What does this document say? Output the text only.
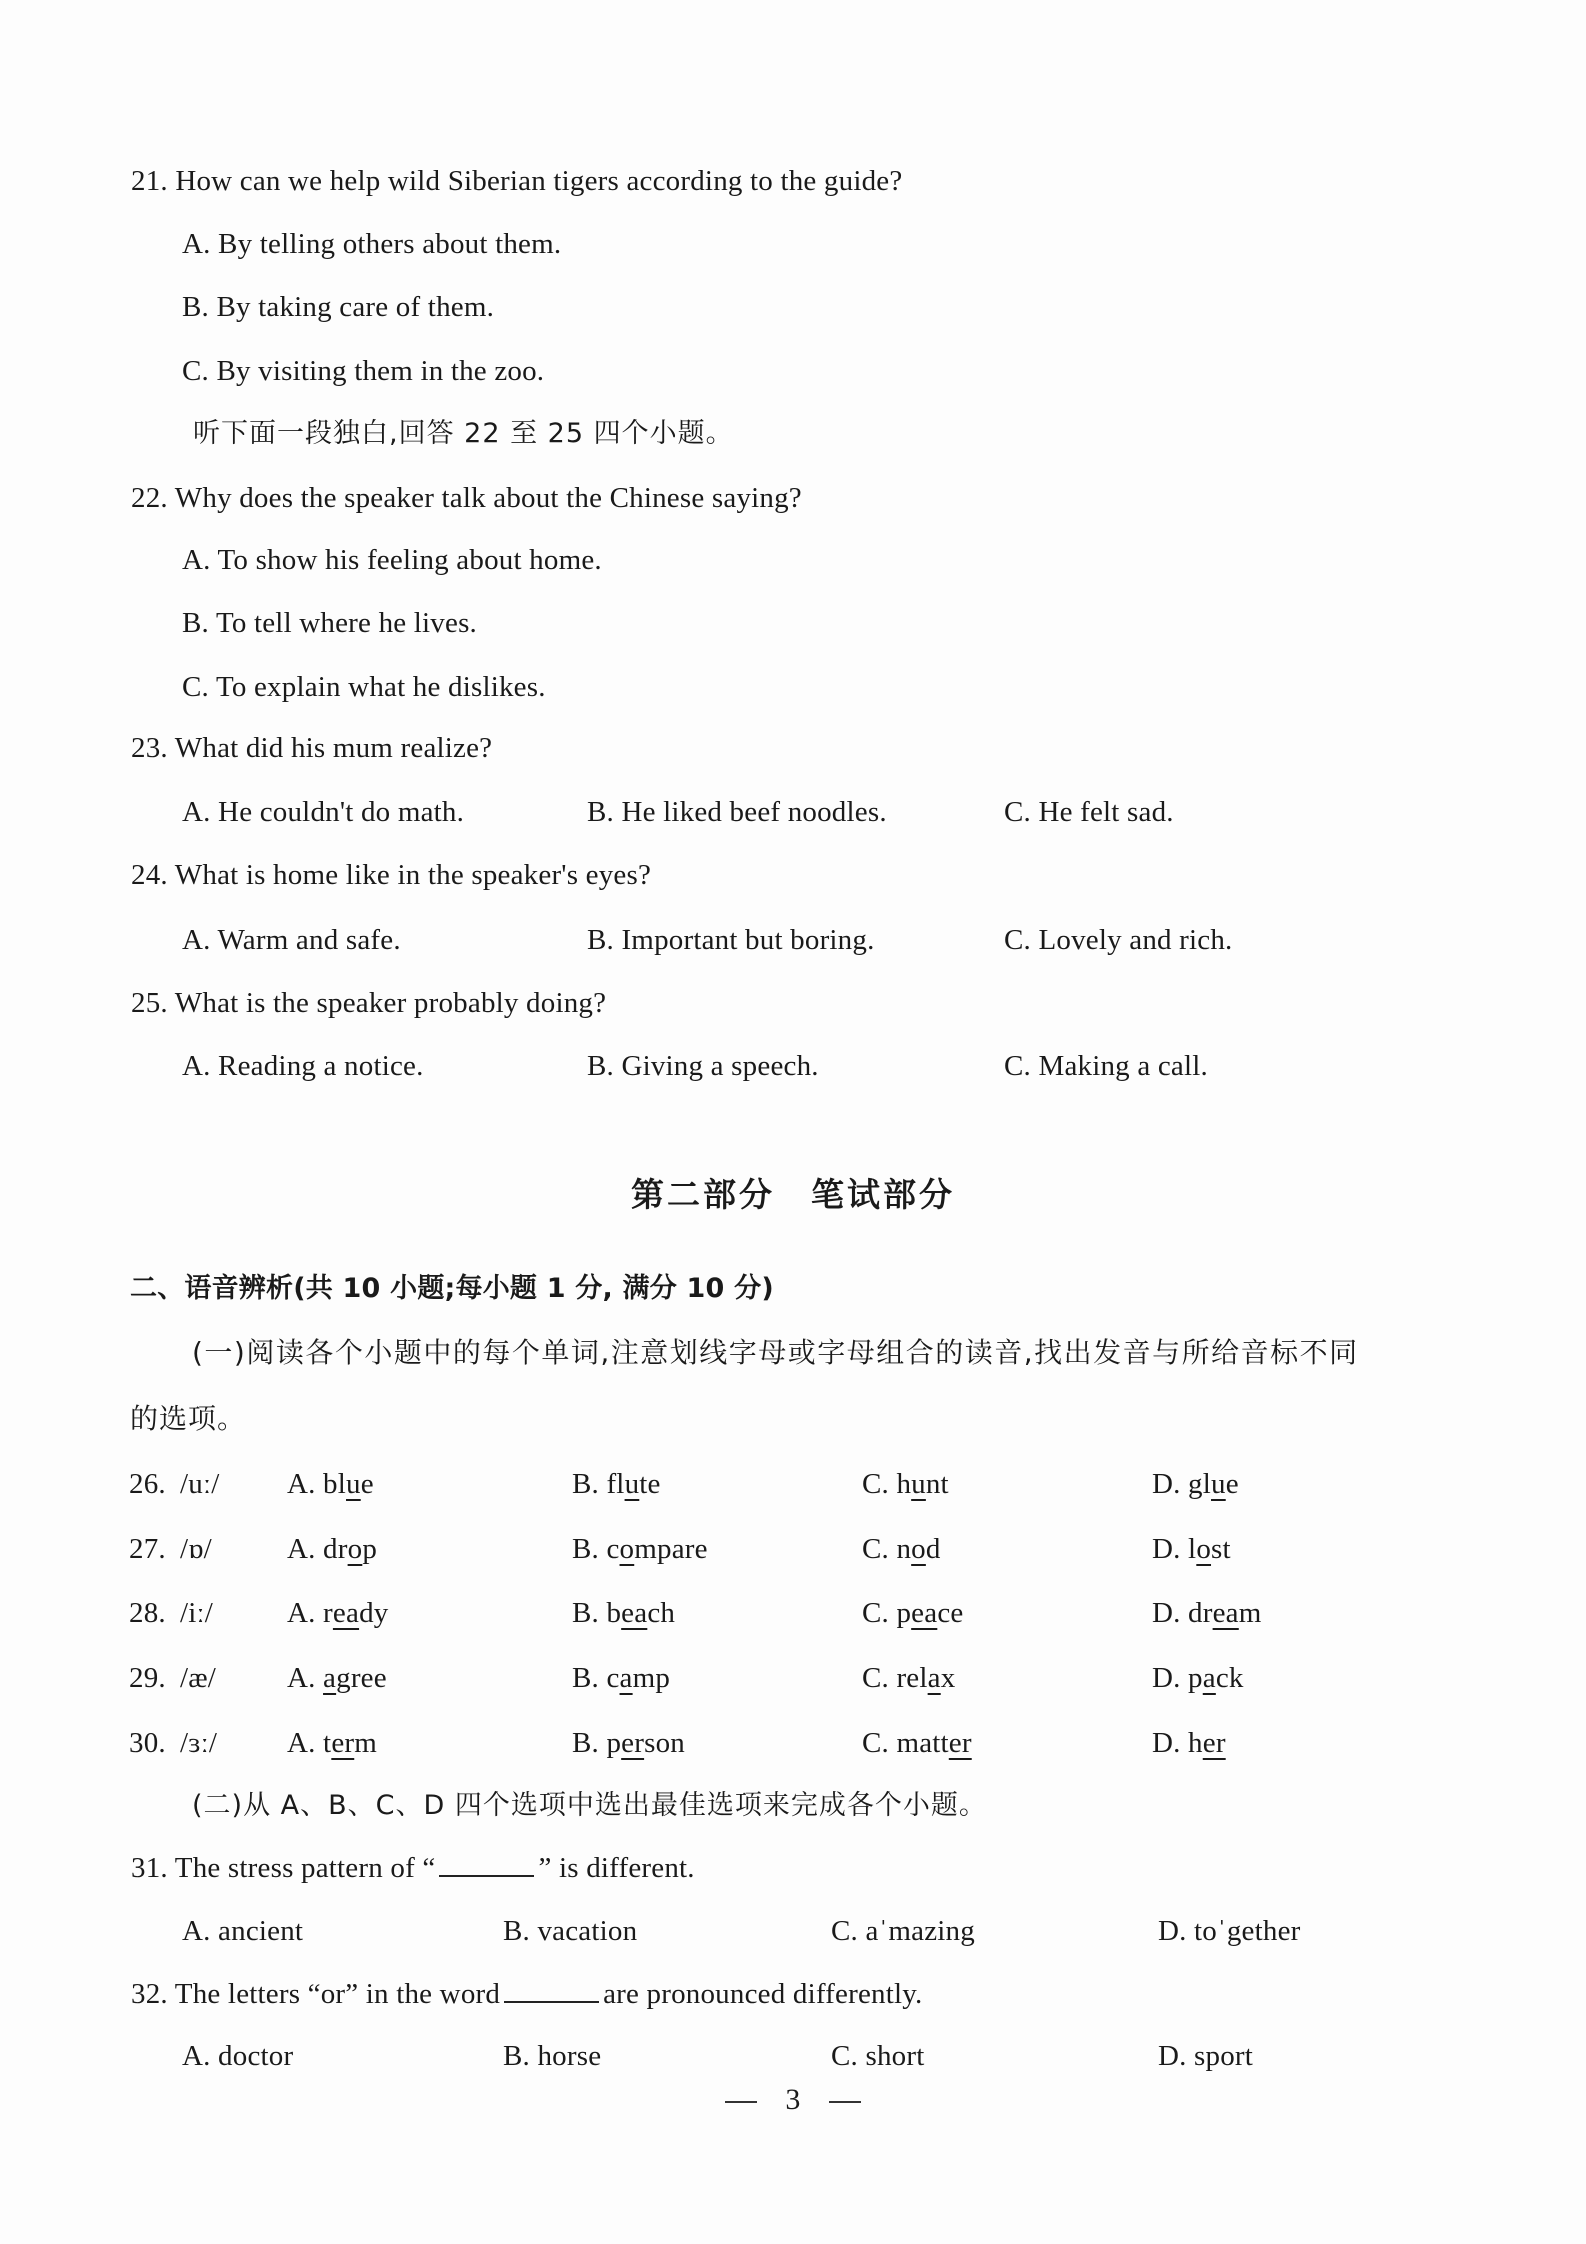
21. How can we help wild Siberian tigers according to the guide?
A. By telling others about them.
B. By taking care of them.
C. By visiting them in the zoo.
听下面一段独白,回答 22 至 25 四个小题。
22. Why does the speaker talk about the Chinese saying?
A. To show his feeling about home.
B. To tell where he lives.
C. To explain what he dislikes.
23. What did his mum realize?
A. He couldn't do math.	B. He liked beef noodles.	C. He felt sad.
24. What is home like in the speaker's eyes?
A. Warm and safe.	B. Important but boring.	C. Lovely and rich.
25. What is the speaker probably doing?
A. Reading a notice.	B. Giving a speech.	C. Making a call.
第二部分　笔试部分
二、语音辨析(共 10 小题;每小题 1 分, 满分 10 分)
(一)阅读各个小题中的每个单词,注意划线字母或字母组合的读音,找出发音与所给音标不同
的选项。
26. /uː/ A. blue	B. flute	C. hunt	D. glue
27. /ɒ/	A. drop	B. compare	C. nod	D. lost
28. /iː/	A. ready	B. beach	C. peace	D. dream
29. /æ/ A. agree	B. camp	C. relax	D. pack
30. /ɜː/ A. term	B. person	C. matter	D. her
(二)从 A、B、C、D 四个选项中选出最佳选项来完成各个小题。
31. The stress pattern of “	” is different.
A. ancient	B. vacation	C. aˈmazing	D. toˈgether
32. The letters “or” in the word	are pronounced differently.
A. doctor	B. horse	C. short	D. sport
3
